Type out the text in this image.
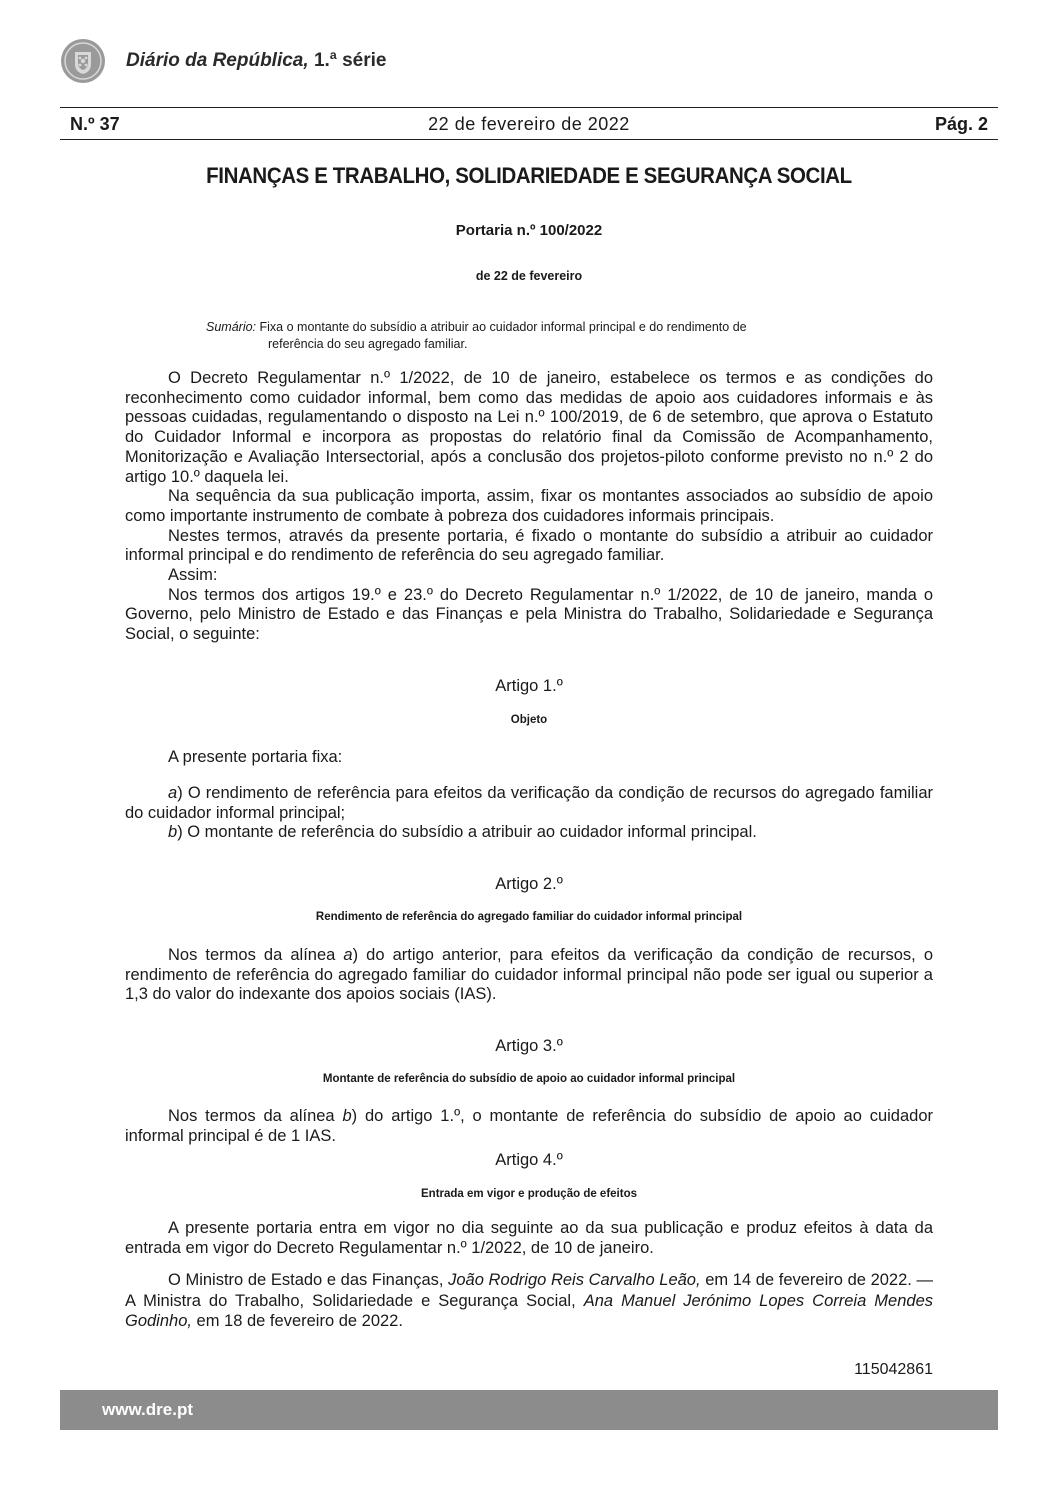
Diário da República, 1.ª série
N.º 37	22 de fevereiro de 2022	Pág. 2
FINANÇAS E TRABALHO, SOLIDARIEDADE E SEGURANÇA SOCIAL
Portaria n.º 100/2022
de 22 de fevereiro
Sumário: Fixa o montante do subsídio a atribuir ao cuidador informal principal e do rendimento de
referência do seu agregado familiar.

O Decreto Regulamentar n.º 1/2022, de 10 de janeiro, estabelece os termos e as condições do reconhecimento como cuidador informal, bem como das medidas de apoio aos cuidadores informais e às pessoas cuidadas, regulamentando o disposto na Lei n.º 100/2019, de 6 de setembro, que aprova o Estatuto do Cuidador Informal e incorpora as propostas do relatório final da Comissão de Acompanhamento, Monitorização e Avaliação Intersectorial, após a conclusão dos projetos-piloto conforme previsto no n.º 2 do artigo 10.º daquela lei.

Na sequência da sua publicação importa, assim, fixar os montantes associados ao subsídio de apoio como importante instrumento de combate à pobreza dos cuidadores informais principais.

Nestes termos, através da presente portaria, é fixado o montante do subsídio a atribuir ao cuidador informal principal e do rendimento de referência do seu agregado familiar.

Assim:

Nos termos dos artigos 19.º e 23.º do Decreto Regulamentar n.º 1/2022, de 10 de janeiro, manda o Governo, pelo Ministro de Estado e das Finanças e pela Ministra do Trabalho, Solidariedade e Segurança Social, o seguinte:

Artigo 1.º
Objeto

A presente portaria fixa:

a) O rendimento de referência para efeitos da verificação da condição de recursos do agregado familiar do cuidador informal principal;

b) O montante de referência do subsídio a atribuir ao cuidador informal principal.

Artigo 2.º
Rendimento de referência do agregado familiar do cuidador informal principal

Nos termos da alínea a) do artigo anterior, para efeitos da verificação da condição de recursos, o rendimento de referência do agregado familiar do cuidador informal principal não pode ser igual ou superior a 1,3 do valor do indexante dos apoios sociais (IAS).

Artigo 3.º
Montante de referência do subsídio de apoio ao cuidador informal principal

Nos termos da alínea b) do artigo 1.º, o montante de referência do subsídio de apoio ao cuidador informal principal é de 1 IAS.

Artigo 4.º
Entrada em vigor e produção de efeitos

A presente portaria entra em vigor no dia seguinte ao da sua publicação e produz efeitos à data da entrada em vigor do Decreto Regulamentar n.º 1/2022, de 10 de janeiro.

O Ministro de Estado e das Finanças, João Rodrigo Reis Carvalho Leão, em 14 de fevereiro de 2022. — A Ministra do Trabalho, Solidariedade e Segurança Social, Ana Manuel Jerónimo Lopes Correia Mendes Godinho, em 18 de fevereiro de 2022.

115042861
www.dre.pt
